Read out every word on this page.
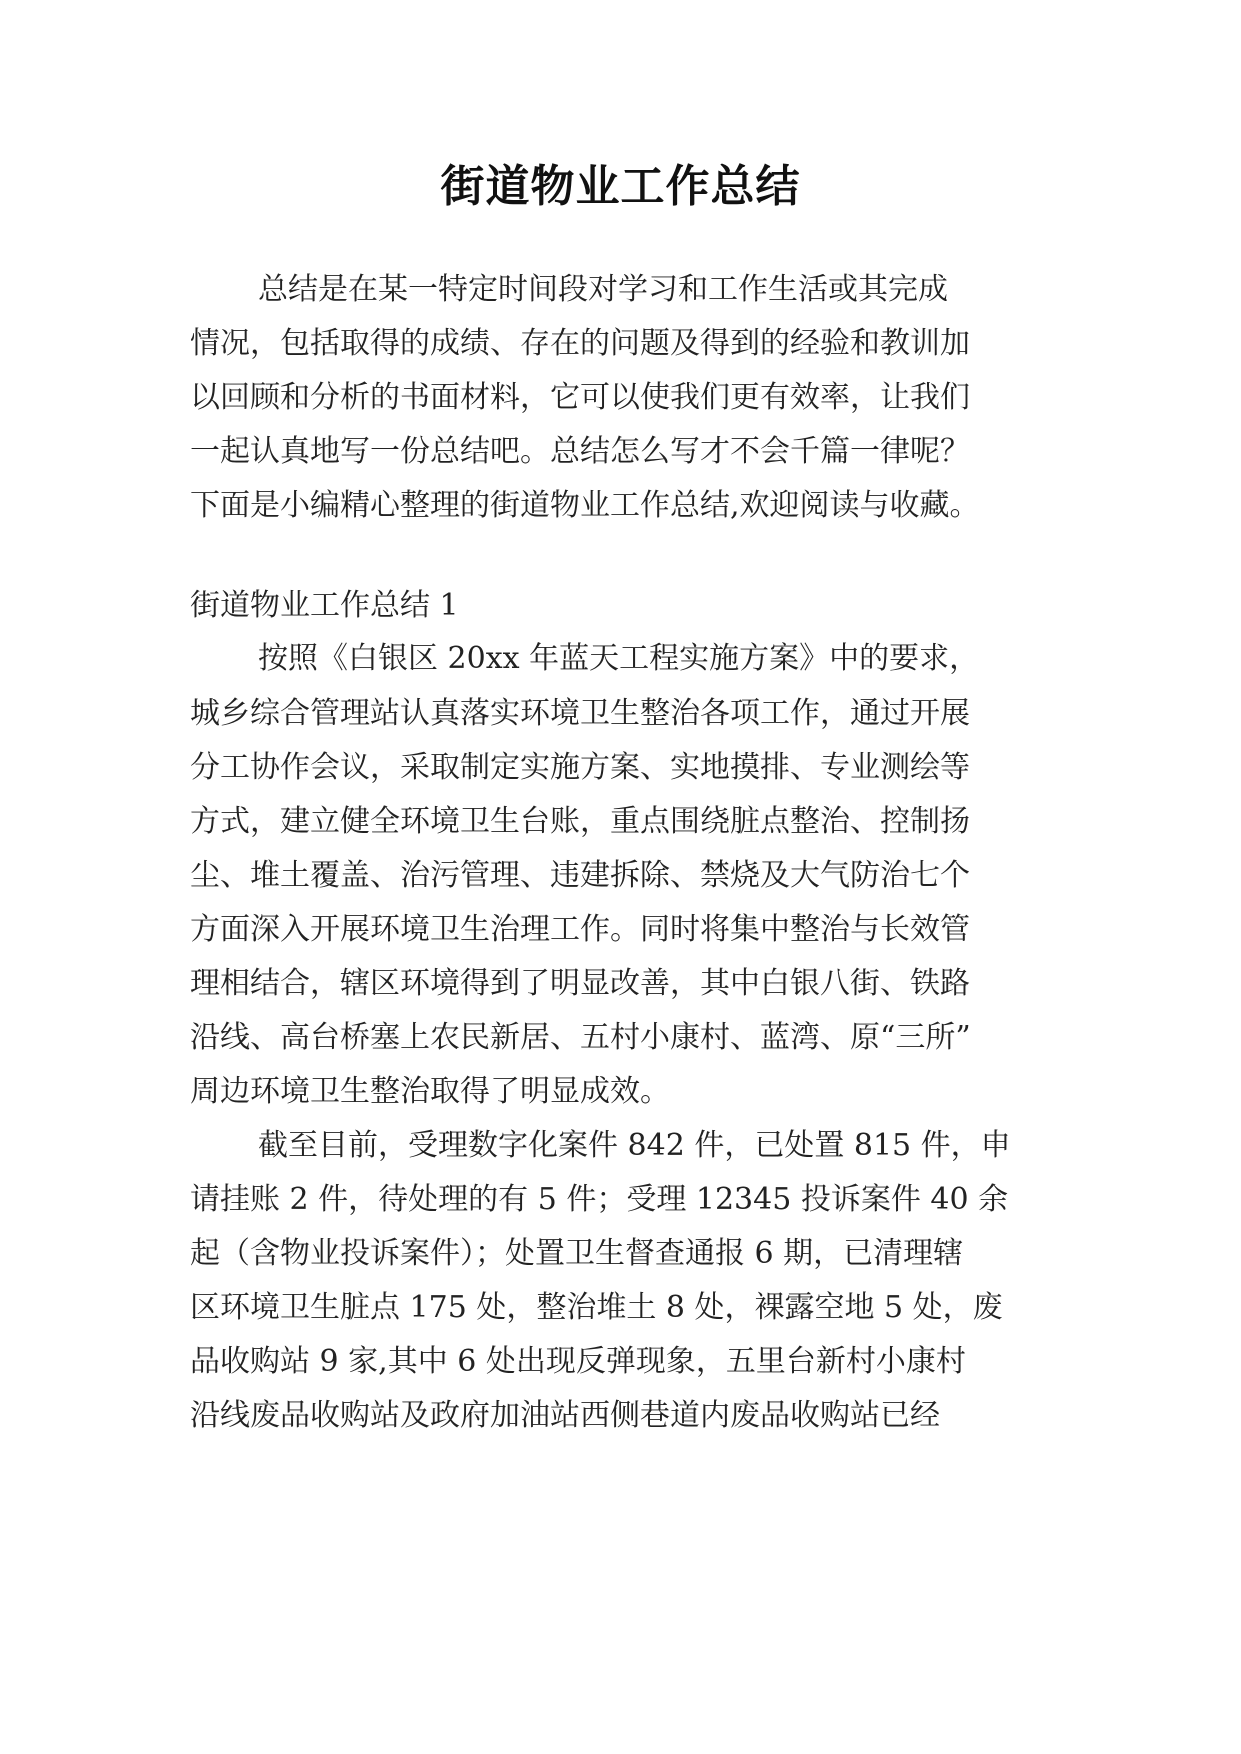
街道物业工作总结
总结是在某一特定时间段对学习和工作生活或其完成
情况，包括取得的成绩、存在的问题及得到的经验和教训加
以回顾和分析的书面材料，它可以使我们更有效率，让我们
一起认真地写一份总结吧。总结怎么写才不会千篇一律呢？
下面是小编精心整理的街道物业工作总结,欢迎阅读与收藏。
街道物业工作总结 1
按照《白银区 20xx 年蓝天工程实施方案》中的要求，
城乡综合管理站认真落实环境卫生整治各项工作，通过开展
分工协作会议，采取制定实施方案、实地摸排、专业测绘等
方式，建立健全环境卫生台账，重点围绕脏点整治、控制扬
尘、堆土覆盖、治污管理、违建拆除、禁烧及大气防治七个
方面深入开展环境卫生治理工作。同时将集中整治与长效管
理相结合，辖区环境得到了明显改善，其中白银八街、铁路
沿线、高台桥塞上农民新居、五村小康村、蓝湾、原“三所”
周边环境卫生整治取得了明显成效。
截至目前，受理数字化案件 842 件，已处置 815 件，申
请挂账 2 件，待处理的有 5 件；受理 12345 投诉案件 40 余
起（含物业投诉案件）；处置卫生督查通报 6 期，已清理辖
区环境卫生脏点 175 处，整治堆土 8 处，裸露空地 5 处，废
品收购站 9 家,其中 6 处出现反弹现象，五里台新村小康村
沿线废品收购站及政府加油站西侧巷道内废品收购站已经
